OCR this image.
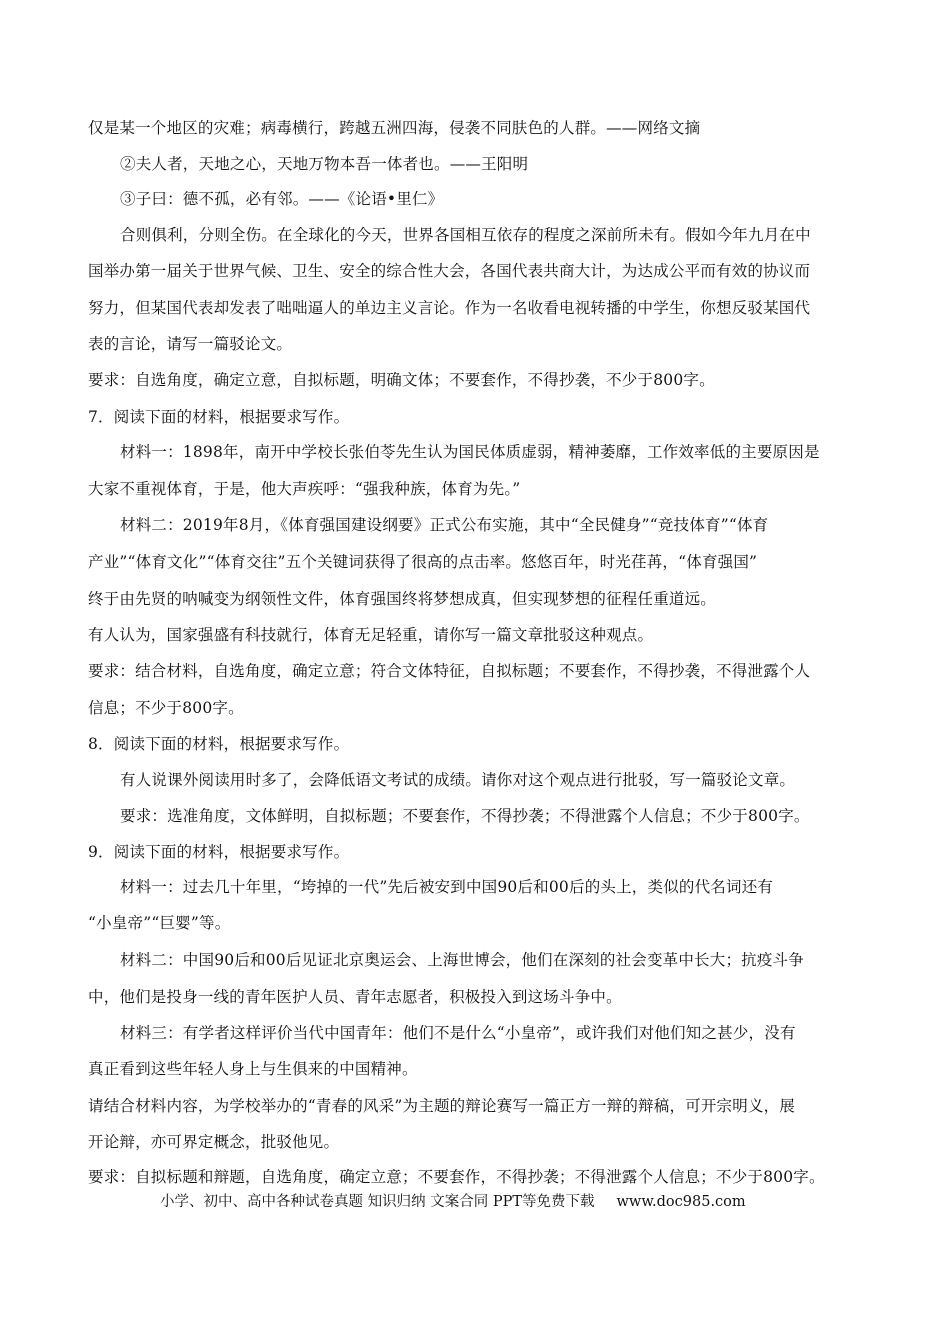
仅是某一个地区的灾难；病毒横行，跨越五洲四海，侵袭不同肤色的人群。——网络文摘
②夫人者，天地之心，天地万物本吾一体者也。——王阳明
③子曰：德不孤，必有邻。——《论语•里仁》
合则俱利，分则全伤。在全球化的今天，世界各国相互依存的程度之深前所未有。假如今年九月在中
国举办第一届关于世界气候、卫生、安全的综合性大会，各国代表共商大计，为达成公平而有效的协议而
努力，但某国代表却发表了咄咄逼人的单边主义言论。作为一名收看电视转播的中学生，你想反驳某国代
表的言论，请写一篇驳论文。
要求：自选角度，确定立意，自拟标题，明确文体；不要套作，不得抄袭，不少于800字。
7．阅读下面的材料，根据要求写作。
材料一：1898年，南开中学校长张伯苓先生认为国民体质虚弱，精神萎靡，工作效率低的主要原因是
大家不重视体育，于是，他大声疾呼：“强我种族，体育为先。”
材料二：2019年8月，《体育强国建设纲要》正式公布实施，其中“全民健身”“竞技体育”“体育
产业”“体育文化”“体育交往”五个关键词获得了很高的点击率。悠悠百年，时光荏苒，“体育强国”
终于由先贤的呐喊变为纲领性文件，体育强国终将梦想成真，但实现梦想的征程任重道远。
有人认为，国家强盛有科技就行，体育无足轻重，请你写一篇文章批驳这种观点。
要求：结合材料，自选角度，确定立意；符合文体特征，自拟标题；不要套作，不得抄袭，不得泄露个人
信息；不少于800字。
8．阅读下面的材料，根据要求写作。
有人说课外阅读用时多了，会降低语文考试的成绩。请你对这个观点进行批驳，写一篇驳论文章。
要求：选准角度，文体鲜明，自拟标题；不要套作，不得抄袭；不得泄露个人信息；不少于800字。
9．阅读下面的材料，根据要求写作。
材料一：过去几十年里，“垮掉的一代”先后被安到中国90后和00后的头上，类似的代名词还有
“小皇帝”“巨婴”等。
材料二：中国90后和00后见证北京奥运会、上海世博会，他们在深刻的社会变革中长大；抗疫斗争
中，他们是投身一线的青年医护人员、青年志愿者，积极投入到这场斗争中。
材料三：有学者这样评价当代中国青年：他们不是什么“小皇帝”，或许我们对他们知之甚少，没有
真正看到这些年轻人身上与生俱来的中国精神。
请结合材料内容，为学校举办的“青春的风采”为主题的辩论赛写一篇正方一辩的辩稿，可开宗明义，展
开论辩，亦可界定概念，批驳他见。
要求：自拟标题和辩题，自选角度，确定立意；不要套作，不得抄袭；不得泄露个人信息；不少于800字。
小学、初中、高中各种试卷真题 知识归纳 文案合同 PPT等免费下载 www.doc985.com
